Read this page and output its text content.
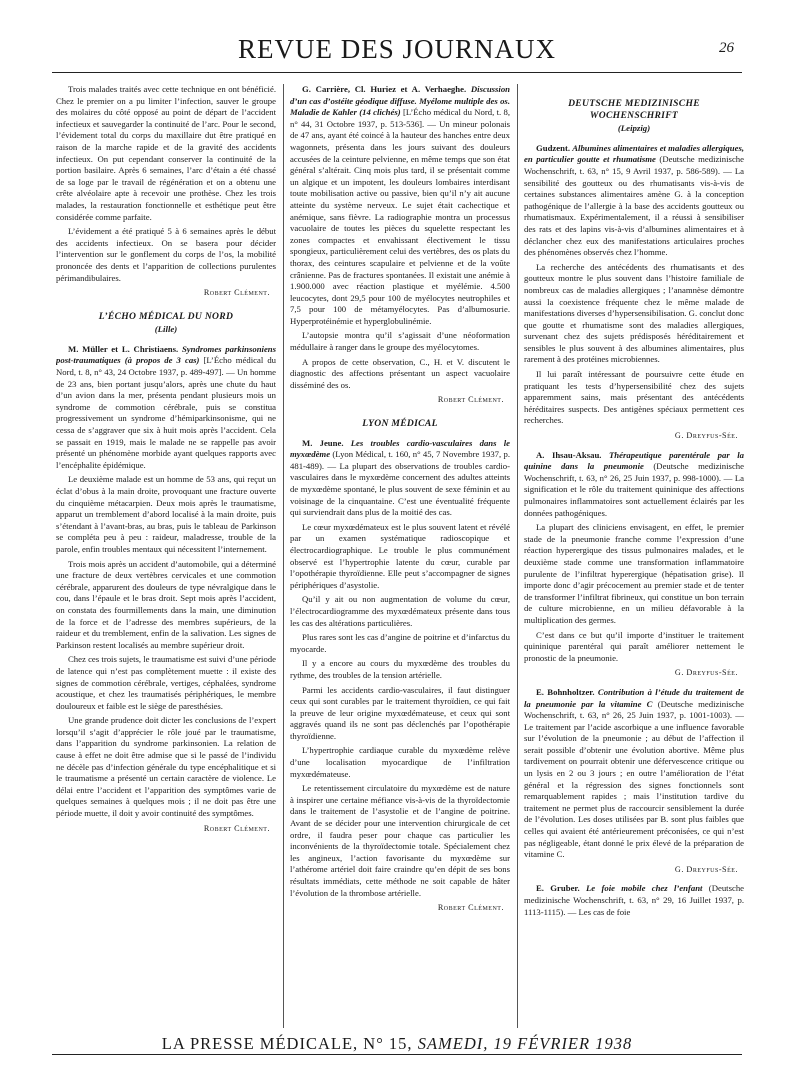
REVUE DES JOURNAUX	26

Trois malades traités avec cette technique en ont bénéficié. Chez le premier on a pu limiter l’infection, sauver le groupe des molaires du côté opposé au point de départ de l’accident infectieux et sauvegarder la continuité de l’arc. Pour le second, l’évidement total du corps du maxillaire dut être pratiqué en raison de la marche rapide et de la gravité des accidents infectieux. On put cependant conserver la continuité de la portion basilaire. Après 6 semaines, l’arc d’étain a été chassé de sa loge par le travail de régénération et on a obtenu une crête alvéolaire apte à recevoir une prothèse. Chez les trois malades, la restauration fonctionnelle et esthétique peut être considérée comme parfaite.

L’évidement a été pratiqué 5 à 6 semaines après le début des accidents infectieux. On se basera pour décider l’intervention sur le gonflement du corps de l’os, la mobilité prononcée des dents et l’apparition de collections purulentes périmandibulaires.

Robert Clément.
L’ÉCHO MÉDICAL DU NORD
(Lille)

M. Müller et L. Christiaens. Syndromes parkinsoniens post-traumatiques (à propos de 3 cas) [L’Écho médical du Nord, t. 8, n° 43, 24 Octobre 1937, p. 489-497]. — Un homme de 23 ans, bien portant jusqu’alors, après une chute du haut d’un avion dans la mer, présenta pendant plusieurs mois un syndrome de commotion cérébrale, puis se constitua progressivement un syndrome d’hémiparkinsonisme, qui ne cessa de s’aggraver que six à huit mois après l’accident. Cela se passait en 1919, mais le malade ne se rappelle pas avoir présenté un phénomène morbide ayant quelques rapports avec l’encéphalite épidémique.

Le deuxième malade est un homme de 53 ans, qui reçut un éclat d’obus à la main droite, provoquant une fracture ouverte du cinquième métacarpien. Deux mois après le traumatisme, apparut un tremblement d’abord localisé à la main droite, puis s’étendant à l’avant-bras, au bras, puis le tableau de Parkinson se compléta peu à peu : raideur, maladresse, trouble de la parole, enfin troubles mentaux qui nécessitent l’internement.

Trois mois après un accident d’automobile, qui a déterminé une fracture de deux vertèbres cervicales et une commotion cérébrale, apparurent des douleurs de type névralgique dans le cou, dans l’épaule et le bras droit. Sept mois après l’accident, on constata des fourmillements dans la main, une diminution de la force et de l’adresse des membres supérieurs, de la raideur et du tremblement, enfin de la salivation. Les signes de Parkinson restent localisés au membre supérieur droit.

Chez ces trois sujets, le traumatisme est suivi d’une période de latence qui n’est pas complètement muette : il existe des signes de commotion cérébrale, vertiges, céphalées, syndrome acoustique, et chez les traumatisés périphériques, le membre douloureux et faible est le siège de paresthésies.

Une grande prudence doit dicter les conclusions de l’expert lorsqu’il s’agit d’apprécier le rôle joué par le traumatisme, dans l’apparition du syndrome parkinsonien. La relation de cause à effet ne doit être admise que si le passé de l’individu ne décèle pas d’infection générale du type encéphalitique et si le traumatisme a présenté un certain caractère de violence. Le délai entre l’accident et l’apparition des symptômes varie de quelques semaines à quelques mois ; il ne doit pas être une période muette, il doit y avoir continuité des symptômes.

Robert Clément.

G. Carrière, Cl. Huriez et A. Verhaeghe. Discussion d’un cas d’ostéite géodique diffuse. Myélome multiple des os. Maladie de Kahler (14 clichés) [L’Écho médical du Nord, t. 8, n° 44, 31 Octobre 1937, p. 513-536]. — Un mineur polonais de 47 ans, ayant été coincé à la hauteur des hanches entre deux wagonnets, présenta dans les jours suivant des douleurs accusées de la ceinture pelvienne, en même temps que son état général s’altérait. Cinq mois plus tard, il se présentait comme un algique et un impotent, les douleurs lombaires interdisant toute mobilisation active ou passive, bien qu’il n’y ait aucune atteinte du système nerveux. Le sujet était cachectique et anémique, sans fièvre. La radiographie montra un processus vacuolaire de toutes les pièces du squelette respectant les zones compactes et envahissant électivement le tissu spongieux, particulièrement celui des vertèbres, des os plats du thorax, des ceintures scapulaire et pelvienne et de la voûte crânienne. Pas de fractures spontanées. Il existait une anémie à 1.900.000 avec réaction plastique et myélémie. 4.500 leucocytes, dont 29,5 pour 100 de myélocytes neutrophiles et 7,5 pour 100 de métamyélocytes. Pas d’albumosurie. Hyperprotéinémie et hyperglobulinémie.

L’autopsie montra qu’il s’agissait d’une néoformation médullaire à ranger dans le groupe des myélocytomes.

A propos de cette observation, C., H. et V. discutent le diagnostic des affections présentant un aspect vacuolaire disséminé des os.

Robert Clément.
LYON MÉDICAL

M. Jeune. Les troubles cardio-vasculaires dans le myxœdème (Lyon Médical, t. 160, n° 45, 7 Novembre 1937, p. 481-489). — La plupart des observations de troubles cardio-vasculaires dans le myxœdème concernent des adultes atteints de myxœdème spontané, le plus souvent de sexe féminin et au voisinage de la cinquantaine. C’est une éventualité fréquente qui surviendrait dans plus de la moitié des cas.

Le cœur myxœdémateux est le plus souvent latent et révélé par un examen systématique radioscopique et électrocardiographique. Le trouble le plus communément observé est l’hypertrophie latente du cœur, curable par l’opothérapie thyroïdienne. Elle peut s’accompagner de signes périphériques d’asystolie.

Qu’il y ait ou non augmentation de volume du cœur, l’électrocardiogramme des myxœdémateux présente dans tous les cas des altérations particulières.

Plus rares sont les cas d’angine de poitrine et d’infarctus du myocarde.

Il y a encore au cours du myxœdème des troubles du rythme, des troubles de la tension artérielle.

Parmi les accidents cardio-vasculaires, il faut distinguer ceux qui sont curables par le traitement thyroïdien, ce qui fait la preuve de leur origine myxœdémateuse, et ceux qui sont aggravés quand ils ne sont pas déclenchés par l’opothérapie thyroïdienne.

L’hypertrophie cardiaque curable du myxœdème relève d’une localisation myocardique de l’infiltration myxœdémateuse.

Le retentissement circulatoire du myxœdème est de nature à inspirer une certaine méfiance vis-à-vis de la thyroïdectomie dans le traitement de l’asystolie et de l’angine de poitrine. Avant de se décider pour une intervention chirurgicale de cet ordre, il faudra peser pour chaque cas particulier les inconvénients de la thyroïdectomie totale. Spécialement chez les angineux, l’action favorisante du myxœdème sur l’athérome artériel doit faire craindre qu’en dépit de ses bons résultats immédiats, cette méthode ne soit capable de hâter l’évolution de la thrombose artérielle.

Robert Clément.
DEUTSCHE MEDIZINISCHE WOCHENSCHRIFT
(Leipzig)

Gudzent. Albumines alimentaires et maladies allergiques, en particulier goutte et rhumatisme (Deutsche medizinische Wochenschrift, t. 63, n° 15, 9 Avril 1937, p. 586-589). — La sensibilité des goutteux ou des rhumatisants vis-à-vis de certaines substances alimentaires amène G. à la conception pathogénique de l’allergie à la base des accidents goutteux ou rhumatismaux. Expérimentalement, il a réussi à sensibiliser des rats et des lapins vis-à-vis d’albumines alimentaires et à déclancher chez eux des manifestations articulaires proches des phénomènes observés chez l’homme.

La recherche des antécédents des rhumatisants et des goutteux montre le plus souvent dans l’histoire familiale de nombreux cas de maladies allergiques ; l’anamnèse démontre aussi la coexistence fréquente chez le même malade de manifestations diverses d’hypersensibilisation. G. conclut donc que goutte et rhumatisme sont des maladies allergiques, survenant chez des sujets prédisposés héréditairement et sensibles le plus souvent à des albumines alimentaires, plus rarement à des protéines microbiennes.

Il lui paraît intéressant de poursuivre cette étude en pratiquant les tests d’hypersensibilité chez des sujets apparemment sains, mais présentant des antécédents héréditaires suspects. Des antigènes spéciaux permettent ces recherches.

G. Dreyfus-Sée.

A. Ihsau-Aksau. Thérapeutique parentérale par la quinine dans la pneumonie (Deutsche medizinische Wochenschrift, t. 63, n° 26, 25 Juin 1937, p. 998-1000). — La signification et le rôle du traitement quininique des affections pulmonaires inflammatoires sont actuellement éclairés par les données pathogéniques.

La plupart des cliniciens envisagent, en effet, le premier stade de la pneumonie franche comme l’expression d’une réaction hyperergique des tissus pulmonaires malades, et le deuxième stade comme une transformation inflammatoire purulente de l’infiltrat hyperergique (hépatisation grise). Il importe donc d’agir précocement au premier stade et de tenter de transformer l’infiltrat fibrineux, qui constitue un bon terrain de culture microbienne, en un milieu défavorable à la multiplication des germes.

C’est dans ce but qu’il importe d’instituer le traitement quininique parentéral qui paraît améliorer nettement le pronostic de la pneumonie.

G. Dreyfus-Sée.

E. Bohnholtzer. Contribution à l’étude du traitement de la pneumonie par la vitamine C (Deutsche medizinische Wochenschrift, t. 63, n° 26, 25 Juin 1937, p. 1001-1003). — Le traitement par l’acide ascorbique a une influence favorable sur l’évolution de la pneumonie ; au début de l’affection il serait possible d’obtenir une évolution abortive. Même plus tardivement on pourrait obtenir une défervescence critique ou un lysis en 2 ou 3 jours ; en outre l’amélioration de l’état général et la régression des signes fonctionnels sont remarquablement rapides ; mais l’institution tardive du traitement ne permet plus de raccourcir sensiblement la durée de l’évolution. Les doses utilisées par B. sont plus faibles que celles qui avaient été antérieurement préconisées, ce qui n’est pas négligeable, étant donné le prix élevé de la préparation de vitamine C.

G. Dreyfus-Sée.

E. Gruber. Le foie mobile chez l’enfant (Deutsche medizinische Wochenschrift, t. 63, n° 29, 16 Juillet 1937, p. 1113-1115). — Les cas de foie

LA PRESSE MÉDICALE, N° 15, SAMEDI, 19 FÉVRIER 1938
